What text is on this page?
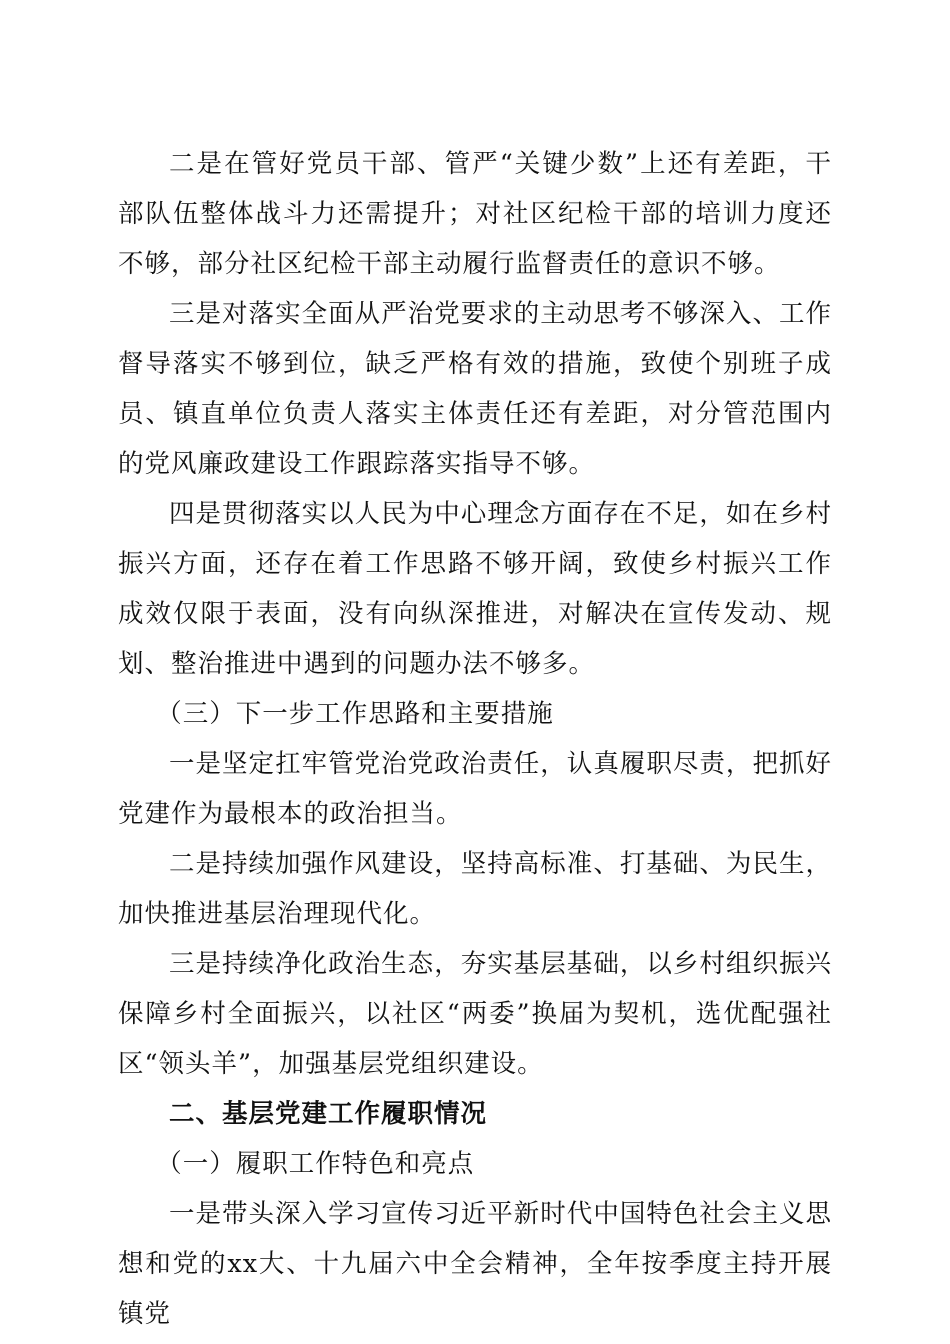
二是在管好党员干部、管严“关键少数”上还有差距，干部队伍整体战斗力还需提升；对社区纪检干部的培训力度还不够，部分社区纪检干部主动履行监督责任的意识不够。

三是对落实全面从严治党要求的主动思考不够深入、工作督导落实不够到位，缺乏严格有效的措施，致使个别班子成员、镇直单位负责人落实主体责任还有差距，对分管范围内的党风廉政建设工作跟踪落实指导不够。

四是贯彻落实以人民为中心理念方面存在不足，如在乡村振兴方面，还存在着工作思路不够开阔，致使乡村振兴工作成效仅限于表面，没有向纵深推进，对解决在宣传发动、规划、整治推进中遇到的问题办法不够多。

（三）下一步工作思路和主要措施

一是坚定扛牢管党治党政治责任，认真履职尽责，把抓好党建作为最根本的政治担当。

二是持续加强作风建设，坚持高标准、打基础、为民生，加快推进基层治理现代化。

三是持续净化政治生态，夯实基层基础，以乡村组织振兴保障乡村全面振兴，以社区“两委”换届为契机，选优配强社区“领头羊”，加强基层党组织建设。

二、基层党建工作履职情况

（一）履职工作特色和亮点

一是带头深入学习宣传习近平新时代中国特色社会主义思想和党的xx大、十九届六中全会精神，全年按季度主持开展镇党
